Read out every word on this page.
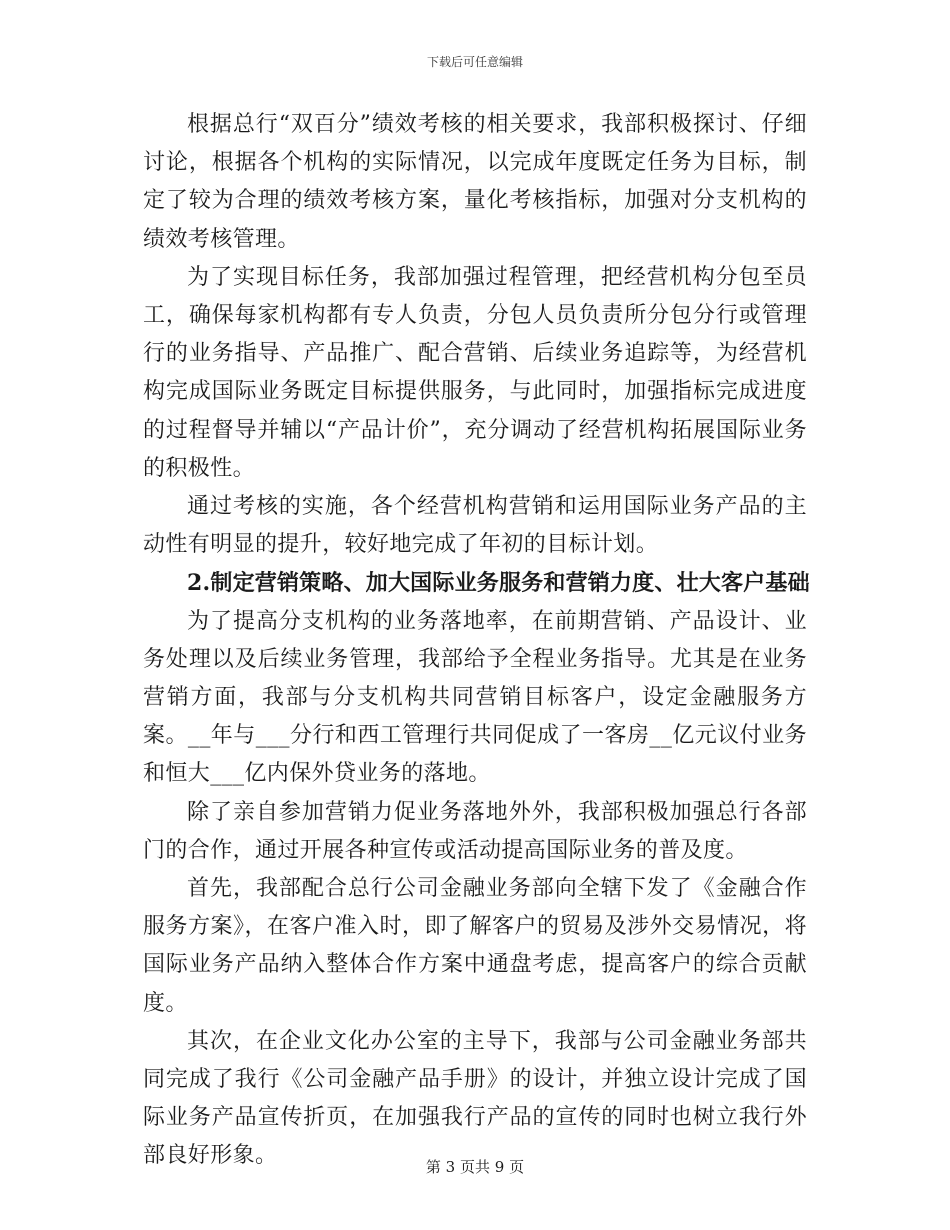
下载后可任意编辑

根据总行“双百分”绩效考核的相关要求，我部积极探讨、仔细讨论，根据各个机构的实际情况，以完成年度既定任务为目标，制定了较为合理的绩效考核方案，量化考核指标，加强对分支机构的绩效考核管理。

为了实现目标任务，我部加强过程管理，把经营机构分包至员工，确保每家机构都有专人负责，分包人员负责所分包分行或管理行的业务指导、产品推广、配合营销、后续业务追踪等，为经营机构完成国际业务既定目标提供服务，与此同时，加强指标完成进度的过程督导并辅以“产品计价”，充分调动了经营机构拓展国际业务的积极性。

通过考核的实施，各个经营机构营销和运用国际业务产品的主动性有明显的提升，较好地完成了年初的目标计划。

2.制定营销策略、加大国际业务服务和营销力度、壮大客户基础

为了提高分支机构的业务落地率，在前期营销、产品设计、业务处理以及后续业务管理，我部给予全程业务指导。尤其是在业务营销方面，我部与分支机构共同营销目标客户，设定金融服务方案。__年与___分行和西工管理行共同促成了一客房__亿元议付业务和恒大___亿内保外贷业务的落地。

除了亲自参加营销力促业务落地外外，我部积极加强总行各部门的合作，通过开展各种宣传或活动提高国际业务的普及度。

首先，我部配合总行公司金融业务部向全辖下发了《金融合作服务方案》，在客户准入时，即了解客户的贸易及涉外交易情况，将国际业务产品纳入整体合作方案中通盘考虑，提高客户的综合贡献度。

其次，在企业文化办公室的主导下，我部与公司金融业务部共同完成了我行《公司金融产品手册》的设计，并独立设计完成了国际业务产品宣传折页，在加强我行产品的宣传的同时也树立我行外部良好形象。	第 3 页共 9 页
